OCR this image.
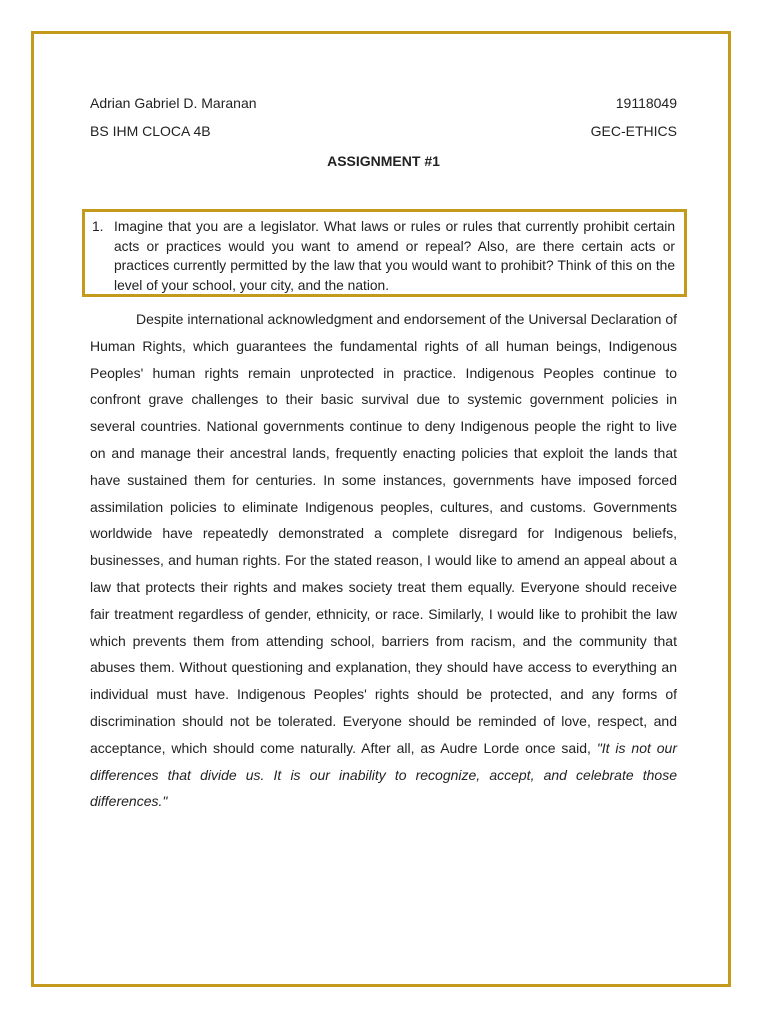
Adrian Gabriel D. Maranan	19118049
BS IHM CLOCA 4B	GEC-ETHICS
ASSIGNMENT #1
1. Imagine that you are a legislator. What laws or rules or rules that currently prohibit certain acts or practices would you want to amend or repeal? Also, are there certain acts or practices currently permitted by the law that you would want to prohibit? Think of this on the level of your school, your city, and the nation.

Despite international acknowledgment and endorsement of the Universal Declaration of Human Rights, which guarantees the fundamental rights of all human beings, Indigenous Peoples' human rights remain unprotected in practice. Indigenous Peoples continue to confront grave challenges to their basic survival due to systemic government policies in several countries. National governments continue to deny Indigenous people the right to live on and manage their ancestral lands, frequently enacting policies that exploit the lands that have sustained them for centuries. In some instances, governments have imposed forced assimilation policies to eliminate Indigenous peoples, cultures, and customs. Governments worldwide have repeatedly demonstrated a complete disregard for Indigenous beliefs, businesses, and human rights. For the stated reason, I would like to amend an appeal about a law that protects their rights and makes society treat them equally. Everyone should receive fair treatment regardless of gender, ethnicity, or race. Similarly, I would like to prohibit the law which prevents them from attending school, barriers from racism, and the community that abuses them. Without questioning and explanation, they should have access to everything an individual must have. Indigenous Peoples' rights should be protected, and any forms of discrimination should not be tolerated. Everyone should be reminded of love, respect, and acceptance, which should come naturally. After all, as Audre Lorde once said, "It is not our differences that divide us. It is our inability to recognize, accept, and celebrate those differences."
